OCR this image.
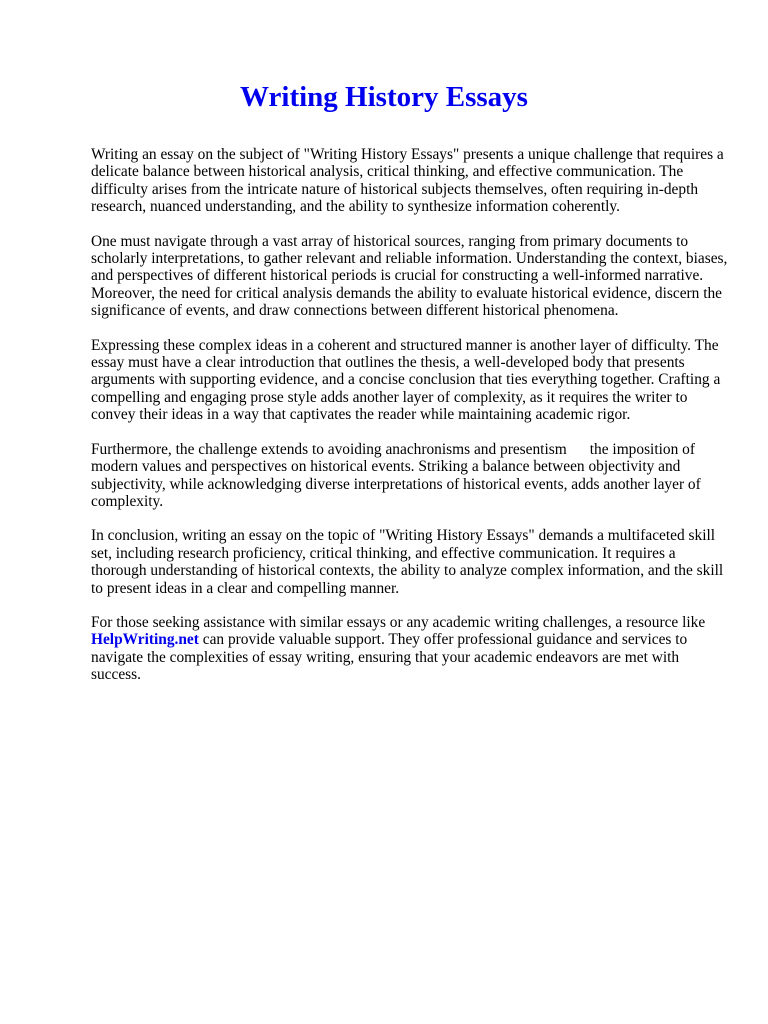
Writing History Essays

Writing an essay on the subject of "Writing History Essays" presents a unique challenge that requires a delicate balance between historical analysis, critical thinking, and effective communication. The difficulty arises from the intricate nature of historical subjects themselves, often requiring in-depth research, nuanced understanding, and the ability to synthesize information coherently.

One must navigate through a vast array of historical sources, ranging from primary documents to scholarly interpretations, to gather relevant and reliable information. Understanding the context, biases, and perspectives of different historical periods is crucial for constructing a well-informed narrative. Moreover, the need for critical analysis demands the ability to evaluate historical evidence, discern the significance of events, and draw connections between different historical phenomena.

Expressing these complex ideas in a coherent and structured manner is another layer of difficulty. The essay must have a clear introduction that outlines the thesis, a well-developed body that presents arguments with supporting evidence, and a concise conclusion that ties everything together. Crafting a compelling and engaging prose style adds another layer of complexity, as it requires the writer to convey their ideas in a way that captivates the reader while maintaining academic rigor.

Furthermore, the challenge extends to avoiding anachronisms and presentism   the imposition of modern values and perspectives on historical events. Striking a balance between objectivity and subjectivity, while acknowledging diverse interpretations of historical events, adds another layer of complexity.

In conclusion, writing an essay on the topic of "Writing History Essays" demands a multifaceted skill set, including research proficiency, critical thinking, and effective communication. It requires a thorough understanding of historical contexts, the ability to analyze complex information, and the skill to present ideas in a clear and compelling manner.

For those seeking assistance with similar essays or any academic writing challenges, a resource like
HelpWriting.net can provide valuable support. They offer professional guidance and services to navigate the complexities of essay writing, ensuring that your academic endeavors are met with success.
